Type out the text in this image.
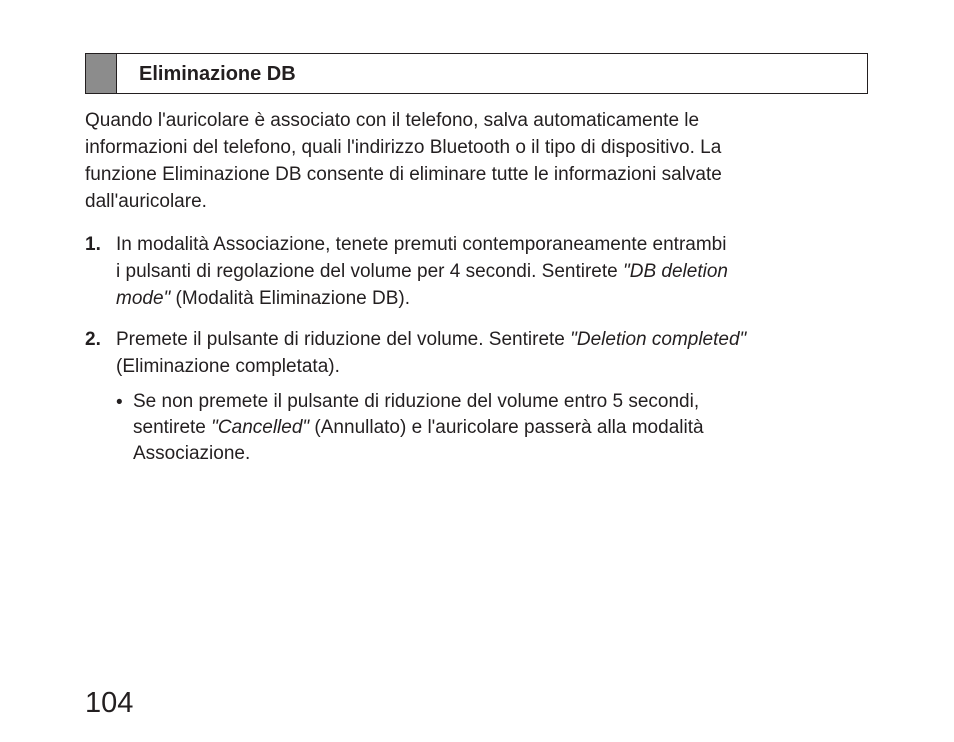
Eliminazione DB
Quando l'auricolare è associato con il telefono, salva automaticamente le
informazioni del telefono, quali l'indirizzo Bluetooth o il tipo di dispositivo. La
funzione Eliminazione DB consente di eliminare tutte le informazioni salvate
dall'auricolare.
1. In modalità Associazione, tenete premuti contemporaneamente entrambi
i pulsanti di regolazione del volume per 4 secondi. Sentirete "DB deletion
mode" (Modalità Eliminazione DB).
2. Premete il pulsante di riduzione del volume. Sentirete "Deletion completed"
(Eliminazione completata).
• Se non premete il pulsante di riduzione del volume entro 5 secondi,
sentirete "Cancelled" (Annullato) e l'auricolare passerà alla modalità
Associazione.
104
